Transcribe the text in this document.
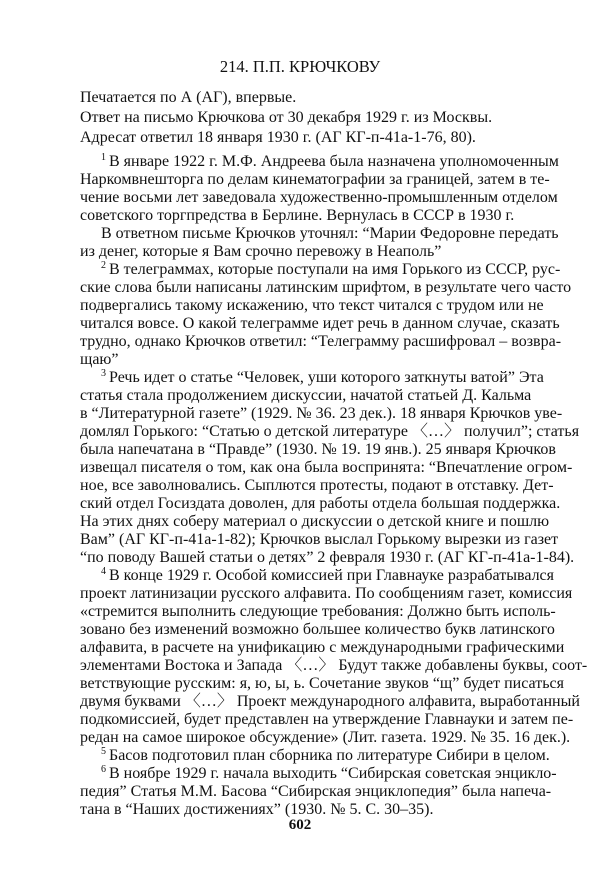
214. П.П. КРЮЧКОВУ
Печатается по А (АГ), впервые.
Ответ на письмо Крючкова от 30 декабря 1929 г. из Москвы.
Адресат ответил 18 января 1930 г. (АГ КГ-п-41а-1-76, 80).
$^1$ В январе 1922 г. М.Ф. Андреева была назначена уполномоченным
Наркомвнешторга по делам кинематографии за границей, затем в те-
чение восьми лет заведовала художественно-промышленным отделом
советского торгпредства в Берлине. Вернулась в СССР в 1930 г.
В ответном письме Крючков уточнял: “Марии Федоровне передать
из денег, которые я Вам срочно перевожу в Неаполь”
$^2$ В телеграммах, которые поступали на имя Горького из СССР, рус-
ские слова были написаны латинским шрифтом, в результате чего часто
подвергались такому искажению, что текст читался с трудом или не
читался вовсе. О какой телеграмме идет речь в данном случае, сказать
трудно, однако Крючков ответил: “Телеграмму расшифровал – возвра-
щаю”
$^3$ Речь идет о статье “Человек, уши которого заткнуты ватой” Эта
статья стала продолжением дискуссии, начатой статьей Д. Кальма
в “Литературной газете” (1929. № 36. 23 дек.). 18 января Крючков уве-
домлял Горького: “Статью о детской литературе 〈…〉 получил”; статья
была напечатана в “Правде” (1930. № 19. 19 янв.). 25 января Крючков
извещал писателя о том, как она была воспринята: “Впечатление огром-
ное, все заволновались. Сыплются протесты, подают в отставку. Дет-
ский отдел Госиздата доволен, для работы отдела большая поддержка.
На этих днях соберу материал о дискуссии о детской книге и пошлю
Вам” (АГ КГ-п-41а-1-82); Крючков выслал Горькому вырезки из газет
“по поводу Вашей статьи о детях” 2 февраля 1930 г. (АГ КГ-п-41а-1-84).
$^4$ В конце 1929 г. Особой комиссией при Главнауке разрабатывался
проект латинизации русского алфавита. По сообщениям газет, комиссия
«стремится выполнить следующие требования: Должно быть исполь-
зовано без изменений возможно большее количество букв латинского
алфавита, в расчете на унификацию с международными графическими
элементами Востока и Запада 〈…〉 Будут также добавлены буквы, соот-
ветствующие русским: я, ю, ы, ь. Сочетание звуков “щ” будет писаться
двумя буквами 〈…〉 Проект международного алфавита, выработанный
подкомиссией, будет представлен на утверждение Главнауки и затем пе-
редан на самое широкое обсуждение» (Лит. газета. 1929. № 35. 16 дек.).
$^5$ Басов подготовил план сборника по литературе Сибири в целом.
$^6$ В ноябре 1929 г. начала выходить “Сибирская советская энцикло-
педия” Статья М.М. Басова “Сибирская энциклопедия” была напеча-
тана в “Наших достижениях” (1930. № 5. С. 30–35).
602
